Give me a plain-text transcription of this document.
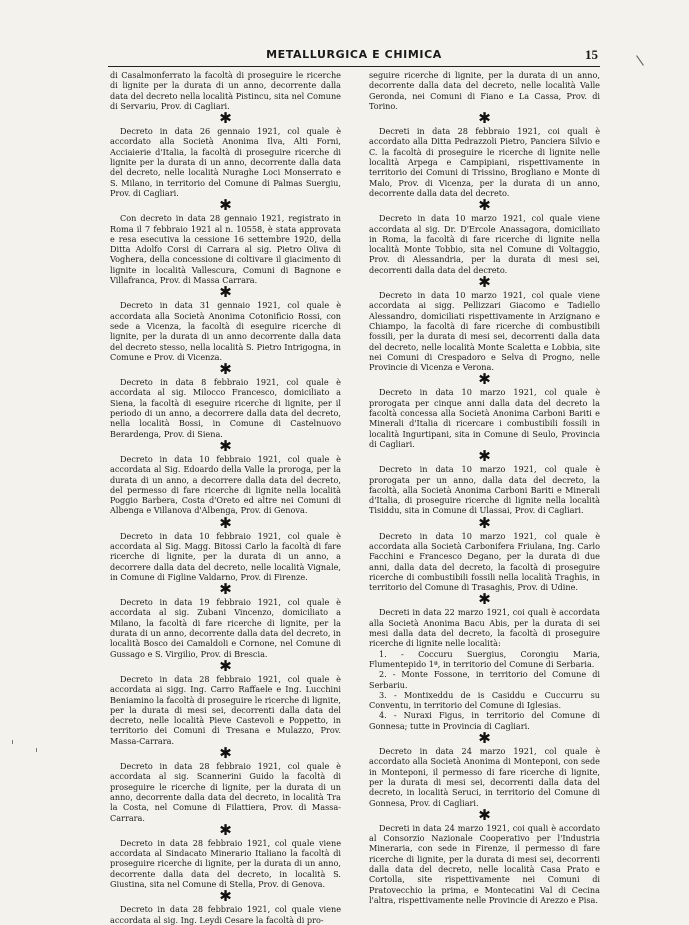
METALLURGICA E CHIMICA	15

di Casalmonferrato la facoltà di proseguire le ricerche di lignite per la durata di un anno, decorrente dalla data del decreto nella località Pistincu, sita nel Comune di Servariu, Prov. di Cagliari.

✱

Decreto in data 26 gennaio 1921, col quale è accordato alla Società Anonima Ilva, Alti Forni, Acciaierie d'Italia, la facoltà di proseguire ricerche di lignite per la durata di un anno, decorrente dalla data del decreto, nelle località Nuraghe Loci Monserrato e S. Milano, in territorio del Comune di Palmas Suergiu, Prov. di Cagliari.

✱

Con decreto in data 28 gennaio 1921, registrato in Roma il 7 febbraio 1921 al n. 10558, è stata approvata e resa esecutiva la cessione 16 settembre 1920, della Ditta Adolfo Corsi di Carrara al sig. Pietro Oliva di Voghera, della concessione di coltivare il giacimento di lignite in località Vallescura, Comuni di Bagnone e Villafranca, Prov. di Massa Carrara.

✱

Decreto in data 31 gennaio 1921, col quale è accordata alla Società Anonima Cotonificio Rossi, con sede a Vicenza, la facoltà di eseguire ricerche di lignite, per la durata di un anno decorrente dalla data del decreto stesso, nella località S. Pietro Intrigogna, in Comune e Prov. di Vicenza.

✱

Decreto in data 8 febbraio 1921, col quale è accordata al sig. Milocco Francesco, domiciliato a Siena, la facoltà di eseguire ricerche di lignite, per il periodo di un anno, a decorrere dalla data del decreto, nella località Bossi, in Comune di Castelnuovo Berardenga, Prov. di Siena.

✱

Decreto in data 10 febbraio 1921, col quale è accordata al Sig. Edoardo della Valle la proroga, per la durata di un anno, a decorrere dalla data del decreto, del permesso di fare ricerche di lignite nella località Poggio Barbera, Costa d'Oreto ed altre nei Comuni di Albenga e Villanova d'Albenga, Prov. di Genova.

✱

Decreto in data 10 febbraio 1921, col quale è accordata al Sig. Magg. Bitossi Carlo la facoltà di fare ricerche di lignite, per la durata di un anno, a decorrere dalla data del decreto, nelle località Vignale, in Comune di Figline Valdarno, Prov. di Firenze.

✱

Decreto in data 19 febbraio 1921, col quale è accordata al sig. Zubani Vincenzo, domiciliato a Milano, la facoltà di fare ricerche di lignite, per la durata di un anno, decorrente dalla data del decreto, in località Bosco dei Camaldoli e Cornone, nel Comune di Gussago e S. Virgilio, Prov. di Brescia.

✱

Decreto in data 28 febbraio 1921, col quale è accordata ai sigg. Ing. Carro Raffaele e Ing. Lucchini Beniamino la facoltà di proseguire le ricerche di lignite, per la durata di mesi sei, decorrenti dalla data del decreto, nelle località Pieve Castevoli e Poppetto, in territorio dei Comuni di Tresana e Mulazzo, Prov. Massa-Carrara.

✱

Decreto in data 28 febbraio 1921, col quale è accordata al sig. Scannerini Guido la facoltà di proseguire le ricerche di lignite, per la durata di un anno, decorrente dalla data del decreto, in località Tra la Costa, nel Comune di Filattiera, Prov. di Massa-Carrara.

✱

Decreto in data 28 febbraio 1921, col quale viene accordata al Sindacato Minerario Italiano la facoltà di proseguire ricerche di lignite, per la durata di un anno, decorrente dalla data del decreto, in località S. Giustina, sita nel Comune di Stella, Prov. di Genova.

✱

Decreto in data 28 febbraio 1921, col quale viene accordata al sig. Ing. Leydi Cesare la facoltà di pro-

seguire ricerche di lignite, per la durata di un anno, decorrente dalla data del decreto, nelle località Valle Geronda, nei Comuni di Fiano e La Cassa, Prov. di Torino.

✱

Decreti in data 28 febbraio 1921, coi quali è accordato alla Ditta Pedrazzoli Pietro, Panciera Silvio e C. la facoltà di proseguire le ricerche di lignite nelle località Arpega e Campipiani, rispettivamente in territorio dei Comuni di Trissino, Brogliano e Monte di Malo, Prov. di Vicenza, per la durata di un anno, decorrente dalla data del decreto.

✱

Decreto in data 10 marzo 1921, col quale viene accordata al sig. Dr. D'Ercole Anassagora, domiciliato in Roma, la facoltà di fare ricerche di lignite nella località Monte Tobbio, sita nel Comune di Voltaggio, Prov. di Alessandria, per la durata di mesi sei, decorrenti dalla data del decreto.

✱

Decreto in data 10 marzo 1921, col quale viene accordata ai sigg. Pellizzari Giacomo e Tadiello Alessandro, domiciliati rispettivamente in Arzignano e Chiampo, la facoltà di fare ricerche di combustibili fossili, per la durata di mesi sei, decorrenti dalla data del decreto, nelle località Monte Scaletta e Lobbia, site nei Comuni di Crespadoro e Selva di Progno, nelle Provincie di Vicenza e Verona.

✱

Decreto in data 10 marzo 1921, col quale è prorogata per cinque anni dalla data del decreto la facoltà concessa alla Società Anonima Carboni Bariti e Minerali d'Italia di ricercare i combustibili fossili in località Ingurtipani, sita in Comune di Seulo, Provincia di Cagliari.

✱

Decreto in data 10 marzo 1921, col quale è prorogata per un anno, dalla data del decreto, la facoltà, alla Società Anonima Carboni Bariti e Minerali d'Italia, di proseguire ricerche di lignite nella località Tisiddu, sita in Comune di Ulassai, Prov. di Cagliari.

✱

Decreto in data 10 marzo 1921, col quale è accordata alla Società Carbonifera Friulana, Ing. Carlo Facchini e Francesco Degano, per la durata di due anni, dalla data del decreto, la facoltà di proseguire ricerche di combustibili fossili nella località Traghis, in territorio del Comune di Trasaghis, Prov. di Udine.

✱

Decreti in data 22 marzo 1921, coi quali è accordata alla Società Anonima Bacu Abis, per la durata di sei mesi dalla data del decreto, la facoltà di proseguire ricerche di lignite nelle località:

1. - Coccuru Suergius, Corongiu Maria, Flumentepido 1ª, in territorio del Comune di Serbaria.

2. - Monte Fossone, in territorio del Comune di Serbariu.

3. - Montixeddu de is Casiddu e Cuccurru su Conventu, in territorio del Comune di Iglesias.

4. - Nuraxi Figus, in territorio del Comune di Gonnesa; tutte in Provincia di Cagliari.

✱

Decreto in data 24 marzo 1921, col quale è accordato alla Società Anonima di Monteponi, con sede in Monteponi, il permesso di fare ricerche di lignite, per la durata di mesi sei, decorrenti dalla data del decreto, in località Seruci, in territorio del Comune di Gonnesa, Prov. di Cagliari.

✱

Decreti in data 24 marzo 1921, coi quali è accordato al Consorzio Nazionale Cooperativo per l'Industria Mineraria, con sede in Firenze, il permesso di fare ricerche di lignite, per la durata di mesi sei, decorrenti dalla data del decreto, nelle località Casa Prato e Cortolla, site rispettivamente nei Comuni di Pratovecchio la prima, e Montecatini Val di Cecina l'altra, rispettivamente nelle Provincie di Arezzo e Pisa.
